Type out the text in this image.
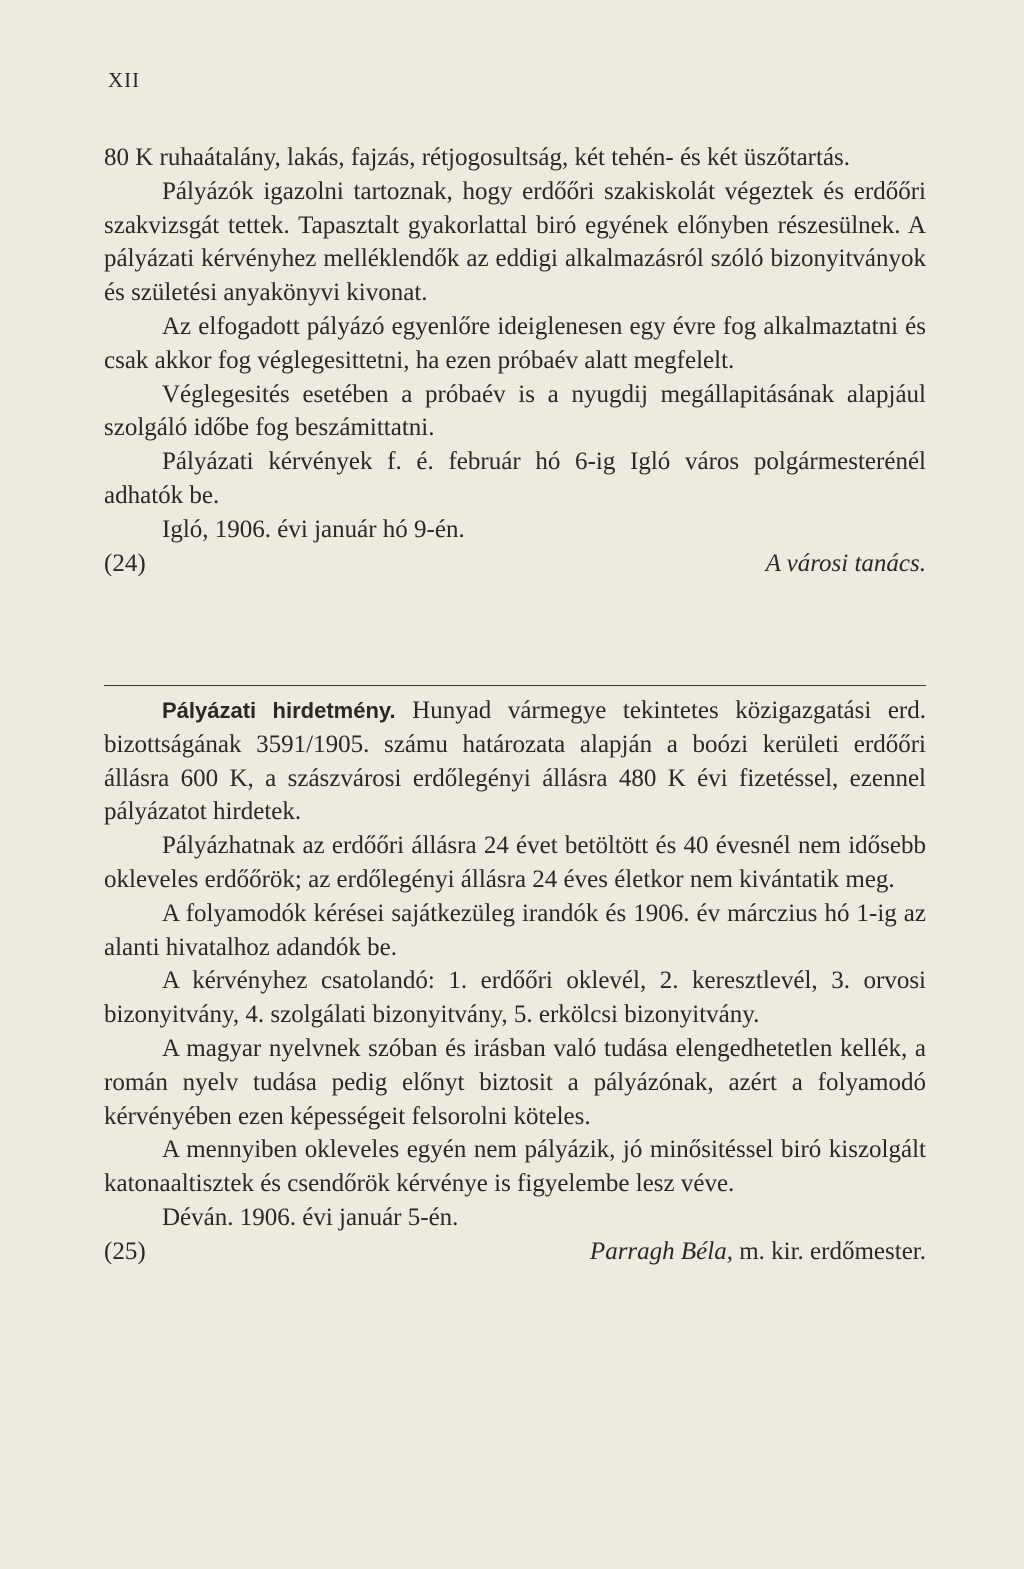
XII

80 K ruhaátalány, lakás, fajzás, rétjogosultság, két tehén- és két üszőtartás.

Pályázók igazolni tartoznak, hogy erdőőri szakiskolát végeztek és erdőőri szakvizsgát tettek. Tapasztalt gyakorlattal biró egyének előnyben részesülnek. A pályázati kérvényhez melléklendők az eddigi alkalmazásról szóló bizonyitványok és születési anyakönyvi kivonat.

Az elfogadott pályázó egyenlőre ideiglenesen egy évre fog alkalmaztatni és csak akkor fog véglegesittetni, ha ezen próbaév alatt megfelelt.

Véglegesités esetében a próbaév is a nyugdij megállapitásának alapjául szolgáló időbe fog beszámittatni.

Pályázati kérvények f. é. február hó 6-ig Igló város polgármesterénél adhatók be.

Igló, 1906. évi január hó 9-én.

(24)	A városi tanács.

Pályázati hirdetmény. Hunyad vármegye tekintetes közigazgatási erd. bizottságának 3591/1905. számu határozata alapján a boózi kerületi erdőőri állásra 600 K, a szászvárosi erdőlegényi állásra 480 K évi fizetéssel, ezennel pályázatot hirdetek.

Pályázhatnak az erdőőri állásra 24 évet betöltött és 40 évesnél nem idősebb okleveles erdőőrök; az erdőlegényi állásra 24 éves életkor nem kivántatik meg.

A folyamodók kérései sajátkezüleg irandók és 1906. év márczius hó 1-ig az alanti hivatalhoz adandók be.

A kérvényhez csatolandó: 1. erdőőri oklevél, 2. keresztlevél, 3. orvosi bizonyitvány, 4. szolgálati bizonyitvány, 5. erkölcsi bizonyitvány.

A magyar nyelvnek szóban és irásban való tudása elengedhetetlen kellék, a román nyelv tudása pedig előnyt biztosit a pályázónak, azért a folyamodó kérvényében ezen képességeit felsorolni köteles.

A mennyiben okleveles egyén nem pályázik, jó minősitéssel biró kiszolgált katonaaltisztek és csendőrök kérvénye is figyelembe lesz véve.

Déván. 1906. évi január 5-én.

(25)	Parragh Béla, m. kir. erdőmester.
